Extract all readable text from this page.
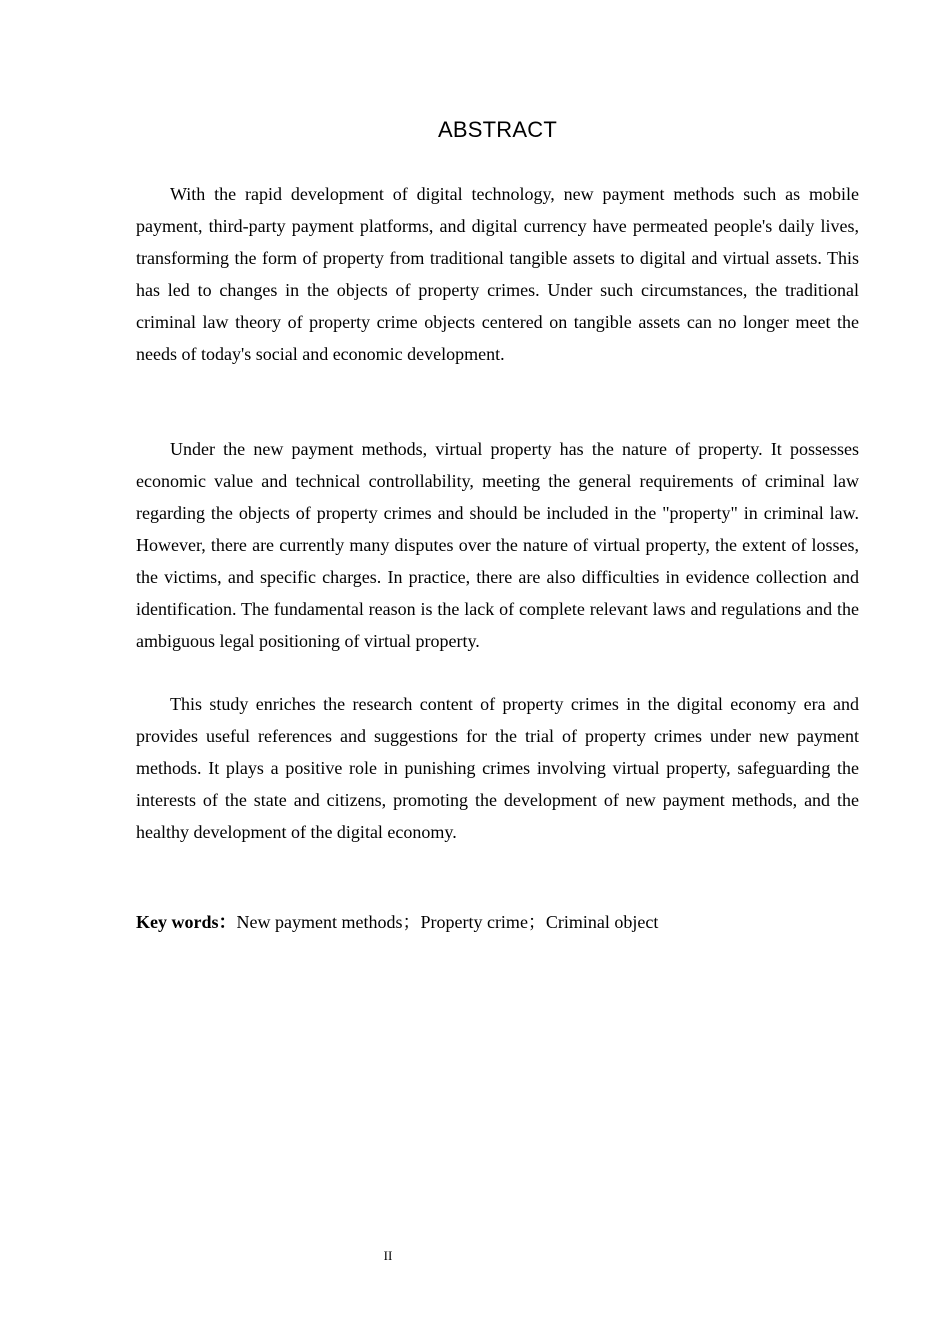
ABSTRACT

With the rapid development of digital technology, new payment methods such as mobile payment, third-party payment platforms, and digital currency have permeated people's daily lives, transforming the form of property from traditional tangible assets to digital and virtual assets. This has led to changes in the objects of property crimes. Under such circumstances, the traditional criminal law theory of property crime objects centered on tangible assets can no longer meet the needs of today's social and economic development.

Under the new payment methods, virtual property has the nature of property. It possesses economic value and technical controllability, meeting the general requirements of criminal law regarding the objects of property crimes and should be included in the "property" in criminal law. However, there are currently many disputes over the nature of virtual property, the extent of losses, the victims, and specific charges. In practice, there are also difficulties in evidence collection and identification. The fundamental reason is the lack of complete relevant laws and regulations and the ambiguous legal positioning of virtual property.

This study enriches the research content of property crimes in the digital economy era and provides useful references and suggestions for the trial of property crimes under new payment methods. It plays a positive role in punishing crimes involving virtual property, safeguarding the interests of the state and citizens, promoting the development of new payment methods, and the healthy development of the digital economy.

Key words：New payment methods；Property crime；Criminal object

II
